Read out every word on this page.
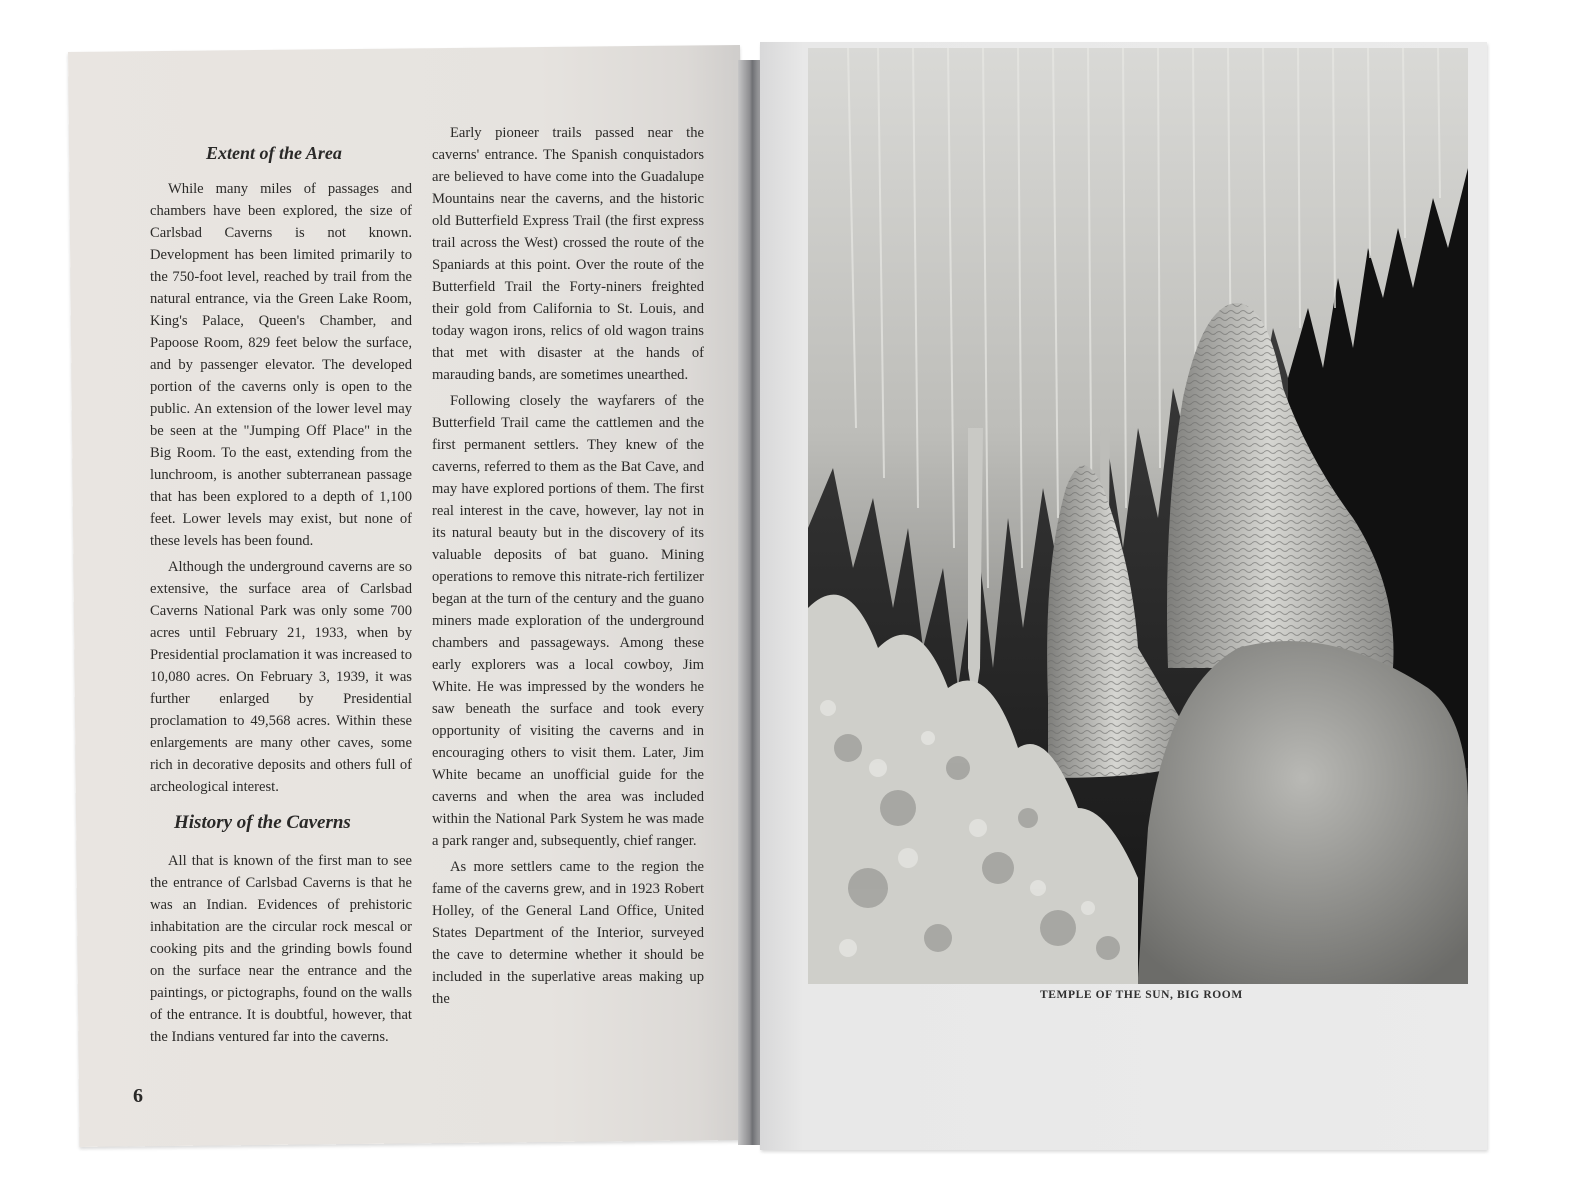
Extent of the Area

While many miles of passages and chambers have been explored, the size of Carlsbad Caverns is not known. Development has been limited primarily to the 750-foot level, reached by trail from the natural entrance, via the Green Lake Room, King's Palace, Queen's Chamber, and Papoose Room, 829 feet below the surface, and by passenger elevator. The developed portion of the caverns only is open to the public. An extension of the lower level may be seen at the "Jumping Off Place" in the Big Room. To the east, extending from the lunchroom, is another subterranean passage that has been explored to a depth of 1,100 feet. Lower levels may exist, but none of these levels has been found.

Although the underground caverns are so extensive, the surface area of Carlsbad Caverns National Park was only some 700 acres until February 21, 1933, when by Presidential proclamation it was increased to 10,080 acres. On February 3, 1939, it was further enlarged by Presidential proclamation to 49,568 acres. Within these enlargements are many other caves, some rich in decorative deposits and others full of archeological interest.

History of the Caverns

All that is known of the first man to see the entrance of Carlsbad Caverns is that he was an Indian. Evidences of prehistoric inhabitation are the circular rock mescal or cooking pits and the grinding bowls found on the surface near the entrance and the paintings, or pictographs, found on the walls of the entrance. It is doubtful, however, that the Indians ventured far into the caverns.

6

Early pioneer trails passed near the caverns' entrance. The Spanish conquistadors are believed to have come into the Guadalupe Mountains near the caverns, and the historic old Butterfield Express Trail (the first express trail across the West) crossed the route of the Spaniards at this point. Over the route of the Butterfield Trail the Forty-niners freighted their gold from California to St. Louis, and today wagon irons, relics of old wagon trains that met with disaster at the hands of marauding bands, are sometimes unearthed.

Following closely the wayfarers of the Butterfield Trail came the cattlemen and the first permanent settlers. They knew of the caverns, referred to them as the Bat Cave, and may have explored portions of them. The first real interest in the cave, however, lay not in its natural beauty but in the discovery of its valuable deposits of bat guano. Mining operations to remove this nitrate-rich fertilizer began at the turn of the century and the guano miners made exploration of the underground chambers and passageways. Among these early explorers was a local cowboy, Jim White. He was impressed by the wonders he saw beneath the surface and took every opportunity of visiting the caverns and in encouraging others to visit them. Later, Jim White became an unofficial guide for the caverns and when the area was included within the National Park System he was made a park ranger and, subsequently, chief ranger.

As more settlers came to the region the fame of the caverns grew, and in 1923 Robert Holley, of the General Land Office, United States Department of the Interior, surveyed the cave to determine whether it should be included in the superlative areas making up the	TEMPLE OF THE SUN, BIG ROOM
